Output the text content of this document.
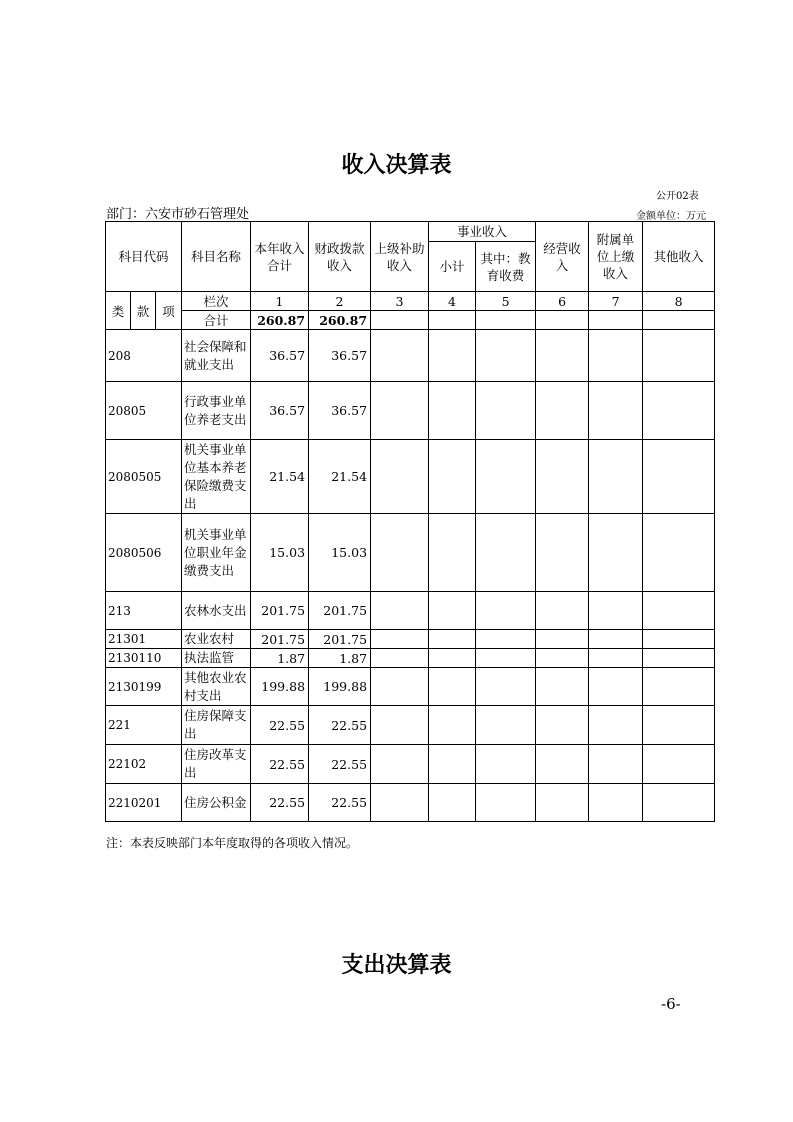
收入决算表
公开02表
部门：六安市砂石管理处	金额单位：万元
科目代码			科目名称	本年收入合计	财政拨款收入	上级补助收入	事业收入		经营收入	附属单位上缴收入	其他收入
							小计	其中：教育收费			
类	款	项	栏次	1	2	3	4	5	6	7	8
			合计	260.87	260.87						
208			社会保障和就业支出	36.57	36.57						
20805			行政事业单位养老支出	36.57	36.57						
2080505			机关事业单位基本养老保险缴费支出	21.54	21.54						
2080506			机关事业单位职业年金缴费支出	15.03	15.03						
213			农林水支出	201.75	201.75						
21301			农业农村	201.75	201.75						
2130110			执法监管	1.87	1.87						
2130199			其他农业农村支出	199.88	199.88						
221			住房保障支出	22.55	22.55						
22102			住房改革支出	22.55	22.55						
2210201			住房公积金	22.55	22.55						
注：本表反映部门本年度取得的各项收入情况。
支出决算表
-6-
